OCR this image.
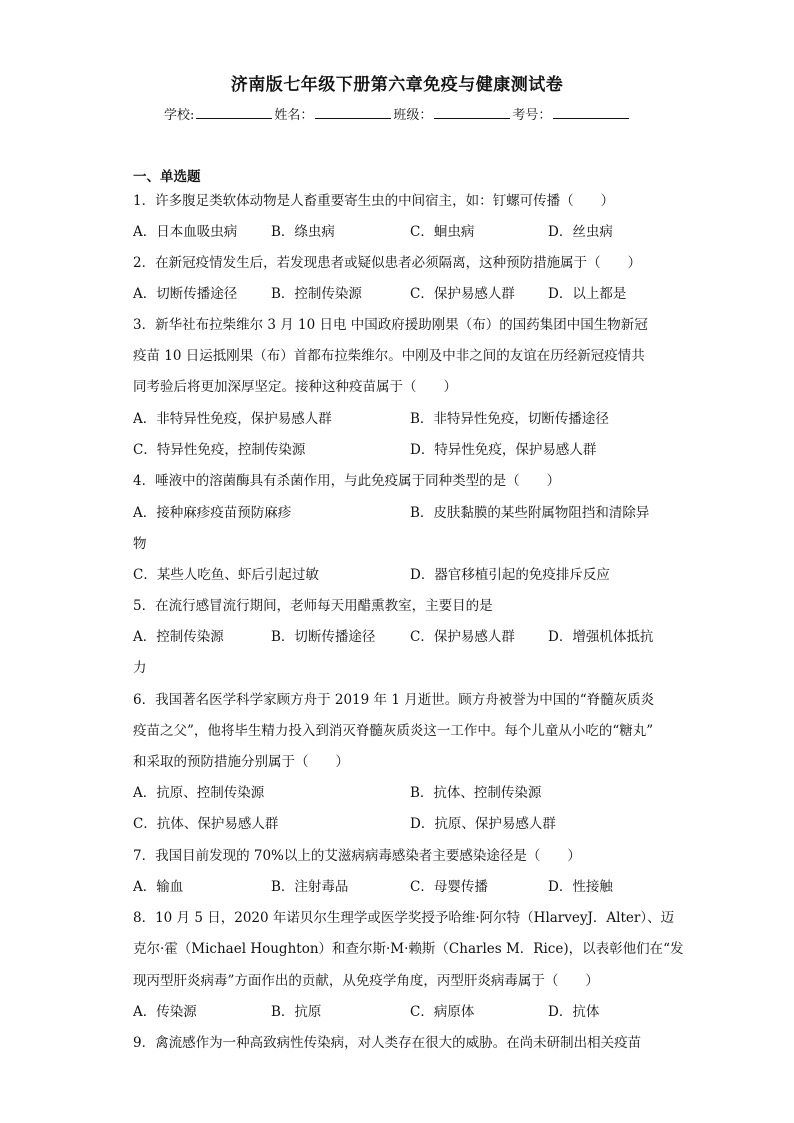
济南版七年级下册第六章免疫与健康测试卷
学校:	姓名：	班级：	考号：
一、单选题
1．许多腹足类软体动物是人畜重要寄生虫的中间宿主，如：钉螺可传播（　　）
A．日本血吸虫病	B．绦虫病	C．蛔虫病	D．丝虫病
2．在新冠疫情发生后，若发现患者或疑似患者必须隔离，这种预防措施属于（　　）
A．切断传播途径	B．控制传染源	C．保护易感人群 D．以上都是
3．新华社布拉柴维尔 3 月 10 日电 中国政府援助刚果（布）的国药集团中国生物新冠
疫苗 10 日运抵刚果（布）首都布拉柴维尔。中刚及中非之间的友谊在历经新冠疫情共
同考验后将更加深厚坚定。接种这种疫苗属于（　　）
A．非特异性免疫，保护易感人群	B．非特异性免疫，切断传播途径
C．特异性免疫，控制传染源	D．特异性免疫，保护易感人群
4．唾液中的溶菌酶具有杀菌作用，与此免疫属于同种类型的是（　　）
A．接种麻疹疫苗预防麻疹	B．皮肤黏膜的某些附属物阻挡和清除异
物
C．某些人吃鱼、虾后引起过敏	D．器官移植引起的免疫排斥反应
5．在流行感冒流行期间，老师每天用醋熏教室，主要目的是
A．控制传染源	B．切断传播途径	C．保护易感人群 D．增强机体抵抗
力
6．我国著名医学科学家顾方舟于 2019 年 1 月逝世。顾方舟被誉为中国的“脊髓灰质炎
疫苗之父”，他将毕生精力投入到消灭脊髓灰质炎这一工作中。每个儿童从小吃的“糖丸”
和采取的预防措施分别属于（　　）
A．抗原、控制传染源	B．抗体、控制传染源
C．抗体、保护易感人群	D．抗原、保护易感人群
7．我国目前发现的 70%以上的艾滋病病毒感染者主要感染途径是（　　）
A．输血	B．注射毒品	C．母婴传播	D．性接触
8．10 月 5 日，2020 年诺贝尔生理学或医学奖授予哈维·阿尔特（HlarveyJ．Alter）、迈
克尔·霍（Michael Houghton）和查尔斯·M·赖斯（Charles M．Rice)，以表彰他们在“发
现丙型肝炎病毒”方面作出的贡献，从免疫学角度，丙型肝炎病毒属于（　　）
A．传染源	B．抗原	C．病原体	D．抗体
9．禽流感作为一种高致病性传染病，对人类存在很大的威胁。在尚未研制出相关疫苗
